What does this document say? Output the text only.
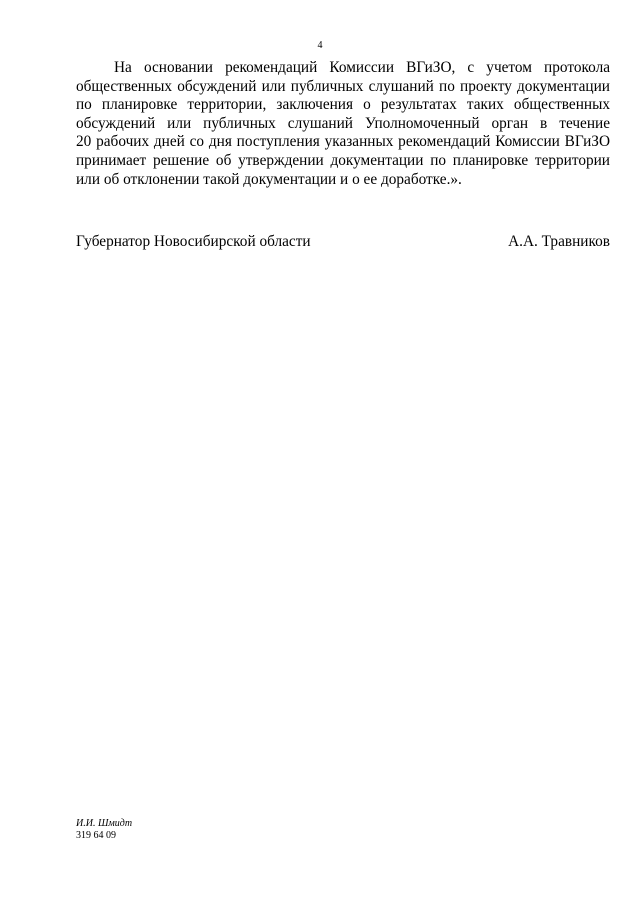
4
На основании рекомендаций Комиссии ВГиЗО, с учетом протокола
общественных обсуждений или публичных слушаний по проекту документации
по планировке территории, заключения о результатах таких общественных
обсуждений или публичных слушаний Уполномоченный орган в течение
20 рабочих дней со дня поступления указанных рекомендаций Комиссии ВГиЗО
принимает решение об утверждении документации по планировке территории
или об отклонении такой документации и о ее доработке.».
Губернатор Новосибирской области	А.А. Травников
И.И. Шмидт
319 64 09
